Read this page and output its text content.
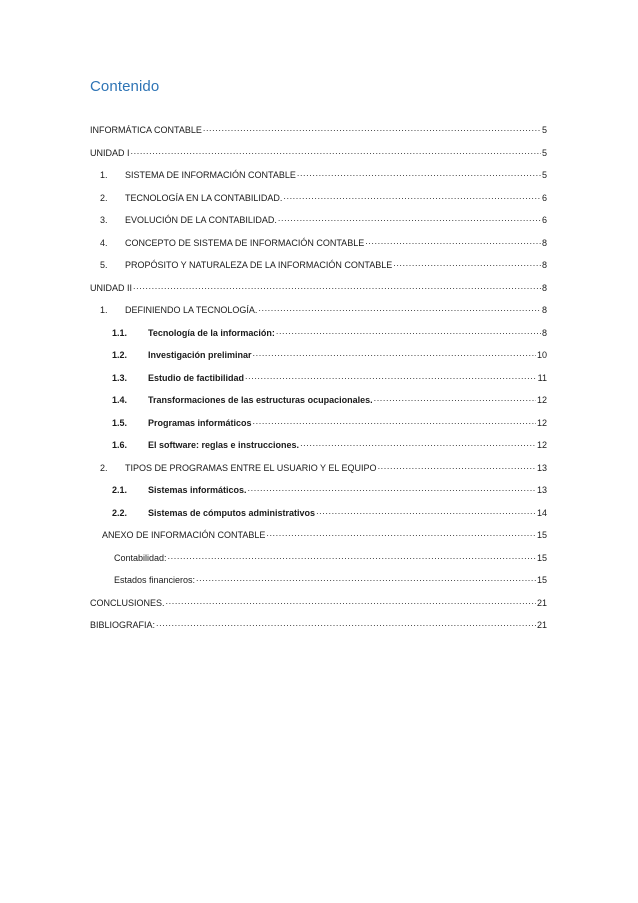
Contenido
INFORMÁTICA CONTABLE .....	5
UNIDAD I .....	5
1.	SISTEMA DE INFORMACIÓN CONTABLE .....	5
2.	TECNOLOGÍA EN LA CONTABILIDAD. .....	6
3.	EVOLUCIÓN DE LA CONTABILIDAD. .....	6
4.	CONCEPTO DE SISTEMA DE INFORMACIÓN CONTABLE .....	8
5.	PROPÓSITO Y NATURALEZA DE LA INFORMACIÓN CONTABLE .....	8
UNIDAD II .....	8
1.	DEFINIENDO LA TECNOLOGÍA. .....	8
1.1.	Tecnología de la información: .....	8
1.2.	Investigación preliminar .....	10
1.3.	Estudio de factibilidad .....	11
1.4.	Transformaciones de las estructuras ocupacionales. .....	12
1.5.	Programas informáticos .....	12
1.6.	El software: reglas e instrucciones. .....	12
2.	TIPOS DE PROGRAMAS ENTRE EL USUARIO Y EL EQUIPO .....	13
2.1.	Sistemas informáticos. .....	13
2.2.	Sistemas de cómputos administrativos .....	14
ANEXO DE INFORMACIÓN CONTABLE .....	15
Contabilidad: .....	15
Estados financieros: .....	15
CONCLUSIONES. .....	21
BIBLIOGRAFIA: .....	21
